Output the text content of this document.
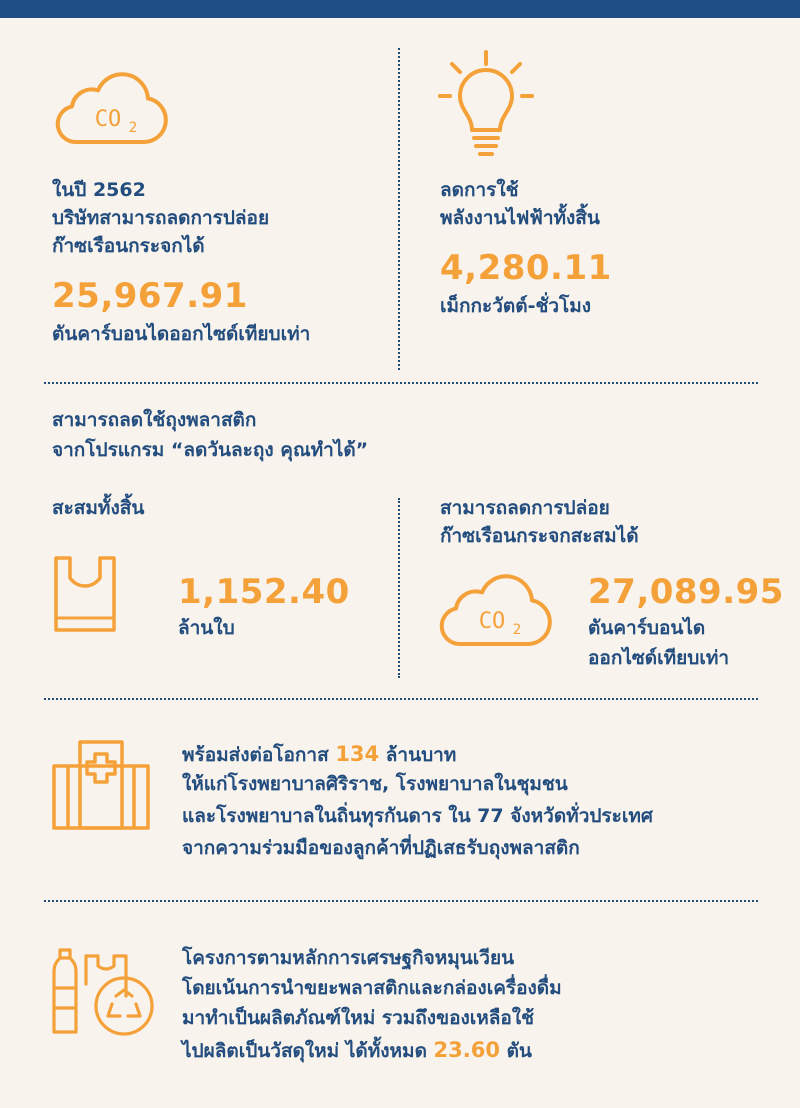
CO 2
ในปี 2562
บริษัทสามารถลดการปล่อย
ก๊าซเรือนกระจกได้
25,967.91
ตันคาร์บอนไดออกไซด์เทียบเท่า
ลดการใช้
พลังงานไฟฟ้าทั้งสิ้น
4,280.11
เม็กกะวัตต์-ชั่วโมง
สามารถลดใช้ถุงพลาสติก
จากโปรแกรม “ลดวันละถุง คุณทำได้”
สะสมทั้งสิ้น
1,152.40
ล้านใบ
สามารถลดการปล่อย
ก๊าซเรือนกระจกสะสมได้
CO 2
27,089.95
ตันคาร์บอนได
ออกไซด์เทียบเท่า
พร้อมส่งต่อโอกาส 134 ล้านบาท
ให้แก่โรงพยาบาลศิริราช, โรงพยาบาลในชุมชน
และโรงพยาบาลในถิ่นทุรกันดาร ใน 77 จังหวัดทั่วประเทศ
จากความร่วมมือของลูกค้าที่ปฏิเสธรับถุงพลาสติก
โครงการตามหลักการเศรษฐกิจหมุนเวียน
โดยเน้นการนำขยะพลาสติกและกล่องเครื่องดื่ม
มาทำเป็นผลิตภัณฑ์ใหม่ รวมถึงของเหลือใช้
ไปผลิตเป็นวัสดุใหม่ ได้ทั้งหมด 23.60 ตัน
